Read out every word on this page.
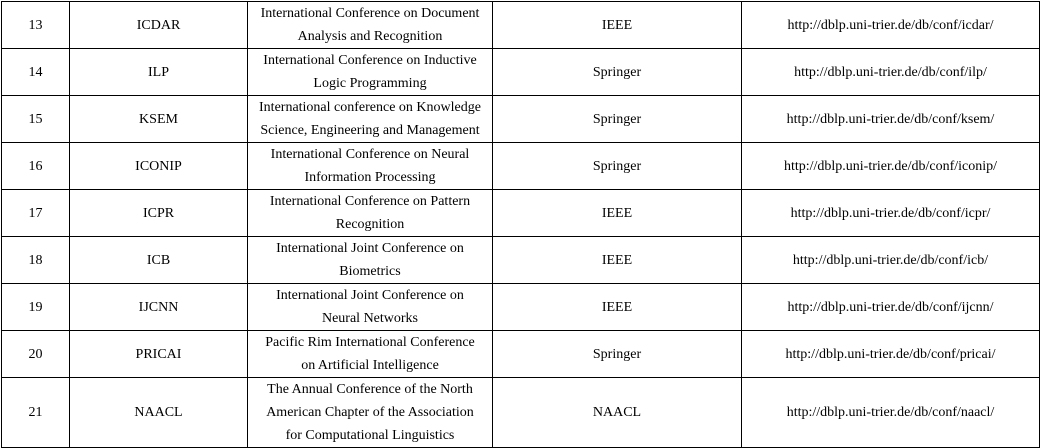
13	ICDAR	International Conference on Document
Analysis and Recognition	IEEE	http://dblp.uni-trier.de/db/conf/icdar/
14	ILP	International Conference on Inductive
Logic Programming	Springer	http://dblp.uni-trier.de/db/conf/ilp/
15	KSEM	International conference on Knowledge
Science, Engineering and Management	Springer	http://dblp.uni-trier.de/db/conf/ksem/
16	ICONIP	International Conference on Neural
Information Processing	Springer	http://dblp.uni-trier.de/db/conf/iconip/
17	ICPR	International Conference on Pattern
Recognition	IEEE	http://dblp.uni-trier.de/db/conf/icpr/
18	ICB	International Joint Conference on
Biometrics	IEEE	http://dblp.uni-trier.de/db/conf/icb/
19	IJCNN	International Joint Conference on
Neural Networks	IEEE	http://dblp.uni-trier.de/db/conf/ijcnn/
20	PRICAI	Pacific Rim International Conference
on Artificial Intelligence	Springer	http://dblp.uni-trier.de/db/conf/pricai/
21	NAACL	The Annual Conference of the North
American Chapter of the Association
for Computational Linguistics	NAACL	http://dblp.uni-trier.de/db/conf/naacl/
